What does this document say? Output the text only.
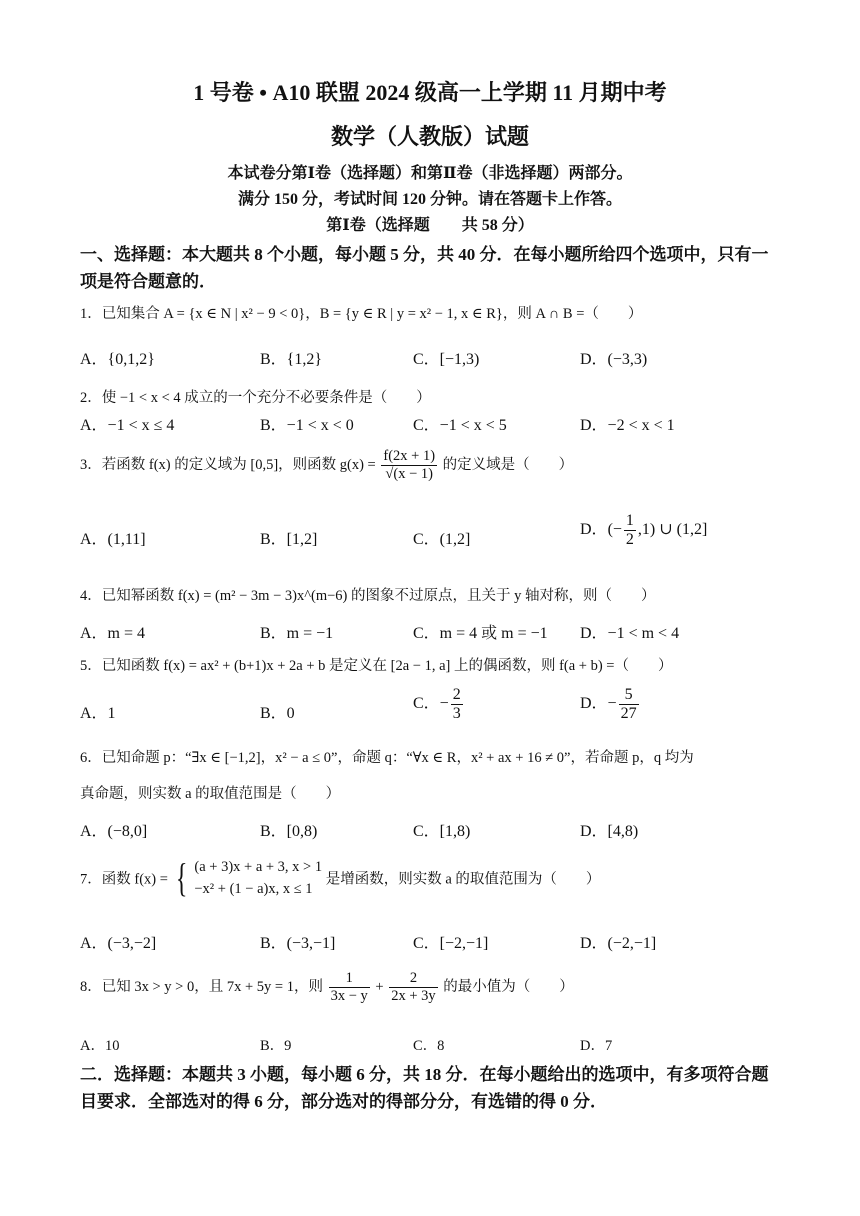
1 号卷 • A10 联盟 2024 级高一上学期 11 月期中考
数学（人教版）试题
本试卷分第Ⅰ卷（选择题）和第Ⅱ卷（非选择题）两部分。
满分 150 分，考试时间 120 分钟。请在答题卡上作答。
第Ⅰ卷（选择题　　共 58 分）
一、选择题：本大题共 8 个小题，每小题 5 分，共 40 分．在每小题所给四个选项中，只有一
项是符合题意的．
1．已知集合 A = {x ∈ N | x² − 9 < 0}，B = {y ∈ R | y = x² − 1, x ∈ R}，则 A ∩ B =（　　）
A．{0,1,2}	B．{1,2}	C．[−1,3)	D．(−3,3)
2．使 −1 < x < 4 成立的一个充分不必要条件是（　　）
A．−1 < x ≤ 4	B．−1 < x < 0	C．−1 < x < 5	D．−2 < x < 1
3．若函数 f(x) 的定义域为 [0,5]，则函数 $g(x) = \frac{f(2x + 1)}{√(x - 1)}$ 的定义域是（　　）
A．(1,11]	B．[1,2]	C．(1,2]
D．(− $\frac{1}{2} ,1$) ∪ (1,2]
4．已知幂函数 f(x) = (m² − 3m − 3)x^(m−6) 的图象不过原点，且关于 y 轴对称，则（　　）
A．m = 4	B．m = −1	C．m = 4 或 m = −1 D．−1 < m < 4
5．已知函数 f(x) = ax² + (b+1)x + 2a + b 是定义在 [2a − 1, a] 上的偶函数，则 f(a + b) =（　　）
A．1	B．0
C．− $\frac{2}{3}$	D．− $\frac{5}{27}$
6．已知命题 p：“∃x ∈ [−1,2]，x² − a ≤ 0”，命题 q：“∀x ∈ R，x² + ax + 16 ≠ 0”，若命题 p，q 均为
真命题，则实数 a 的取值范围是（　　）
A．(−8,0]	B．[0,8)	C．[1,8)	D．[4,8)
7．函数 f(x) = { (a + 3)x + a + 3, x > 1
−x² + (1 − a)x, x ≤ 1
是增函数，则实数 a 的取值范围为（　　）
A．(−3,−2]	B．(−3,−1]	C．[−2,−1]	D．(−2,−1]
8．已知 3x > y > 0，且 7x + 5y = 1，则 $\frac{1}{3x - y} + \frac{2}{2x + 3y}$ 的最小值为（　　）
A．10	B．9	C．8	D．7
二．选择题：本题共 3 小题，每小题 6 分，共 18 分．在每小题给出的选项中，有多项符合题
目要求．全部选对的得 6 分，部分选对的得部分分，有选错的得 0 分．
